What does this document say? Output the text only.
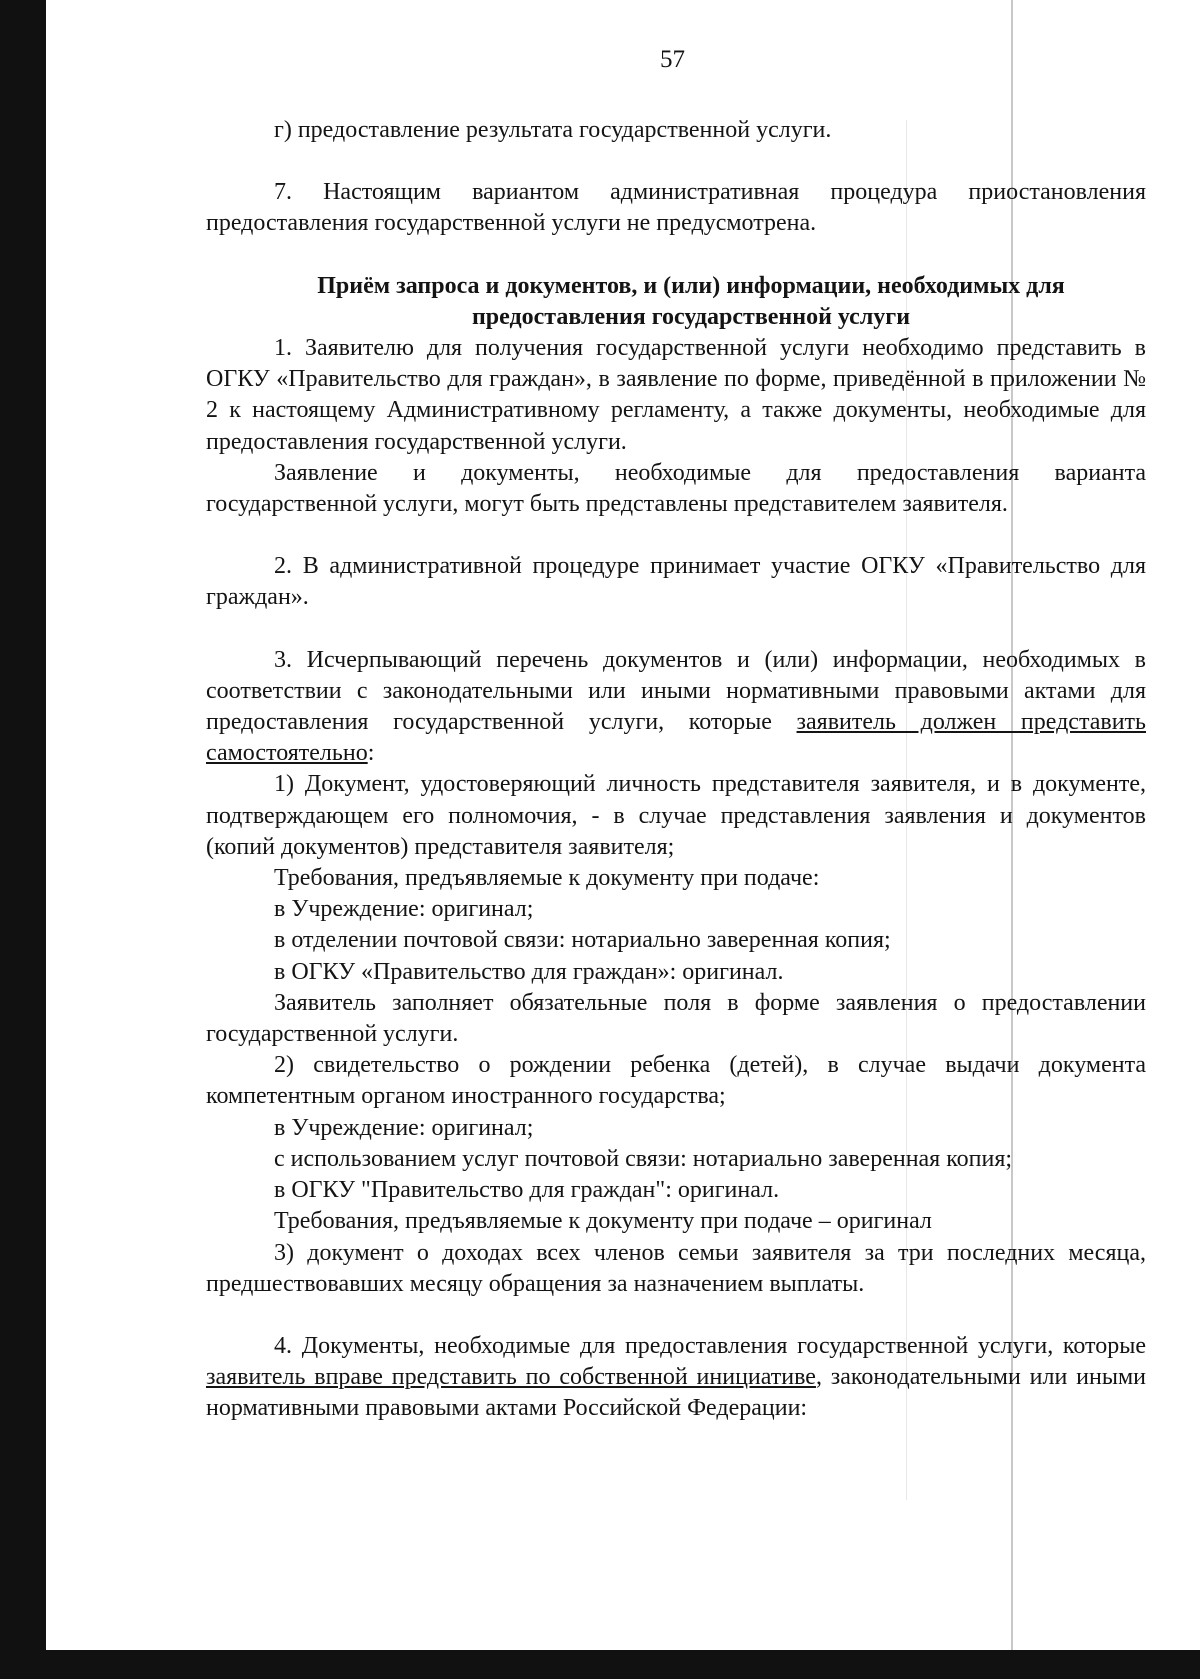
57

г) предоставление результата государственной услуги.

7. Настоящим вариантом административная процедура приостановления предоставления государственной услуги не предусмотрена.

Приём запроса и документов, и (или) информации, необходимых для предоставления государственной услуги

1. Заявителю для получения государственной услуги необходимо представить в ОГКУ «Правительство для граждан», в заявление по форме, приведённой в приложении № 2 к настоящему Административному регламенту, а также документы, необходимые для предоставления государственной услуги.

Заявление и документы, необходимые для предоставления варианта государственной услуги, могут быть представлены представителем заявителя.

2. В административной процедуре принимает участие ОГКУ «Правительство для граждан».

3. Исчерпывающий перечень документов и (или) информации, необходимых в соответствии с законодательными или иными нормативными правовыми актами для предоставления государственной услуги, которые заявитель должен представить самостоятельно:

1) Документ, удостоверяющий личность представителя заявителя, и в документе, подтверждающем его полномочия, - в случае представления заявления и документов (копий документов) представителя заявителя;

Требования, предъявляемые к документу при подаче:

в Учреждение: оригинал;

в отделении почтовой связи: нотариально заверенная копия;

в ОГКУ «Правительство для граждан»: оригинал.

Заявитель заполняет обязательные поля в форме заявления о предоставлении государственной услуги.

2) свидетельство о рождении ребенка (детей), в случае выдачи документа компетентным органом иностранного государства;

в Учреждение: оригинал;

с использованием услуг почтовой связи: нотариально заверенная копия;

в ОГКУ "Правительство для граждан": оригинал.

Требования, предъявляемые к документу при подаче – оригинал

3) документ о доходах всех членов семьи заявителя за три последних месяца, предшествовавших месяцу обращения за назначением выплаты.

4. Документы, необходимые для предоставления государственной услуги, которые заявитель вправе представить по собственной инициативе, законодательными или иными нормативными правовыми актами Российской Федерации:
